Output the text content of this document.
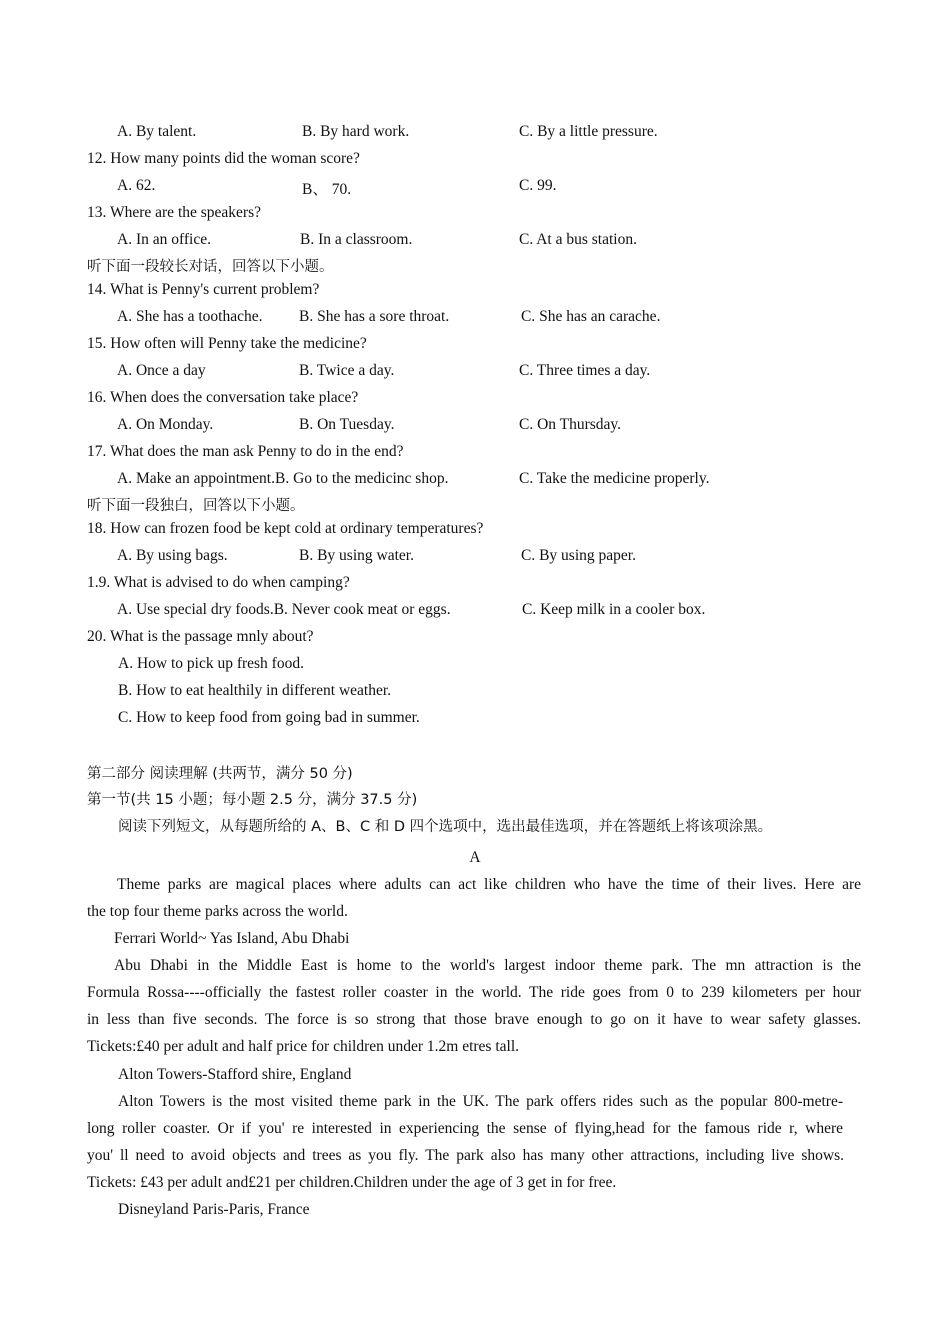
A. By talent.	B. By hard work.	C. By a little pressure.
12. How many points did the woman score?
A. 62.	B、 70.	C. 99.
13. Where are the speakers?
A. In an office.	B. In a classroom.	C. At a bus station.
听下面一段较长对话，回答以下小题。
14. What is Penny's current problem?
A. She has a toothache. B. She has a sore throat.	C. She has an carache.
15. How often will Penny take the medicine?
A. Once a day	B. Twice a day.	C. Three times a day.
16. When does the conversation take place?
A. On Monday.	B. On Tuesday.	C. On Thursday.
17. What does the man ask Penny to do in the end?
A. Make an appointment.B. Go to the medicinc shop.	C. Take the medicine properly.
听下面一段独白，回答以下小题。
18. How can frozen food be kept cold at ordinary temperatures?
A. By using bags.	B. By using water.	C. By using paper.
1.9. What is advised to do when camping?
A. Use special dry foods.B. Never cook meat or eggs.	C. Keep milk in a cooler box.
20. What is the passage mnly about?
A. How to pick up fresh food.
B. How to eat healthily in different weather.
C. How to keep food from going bad in summer.
第二部分 阅读理解 (共两节，满分 50 分)
第一节(共 15 小题；每小题 2.5 分，满分 37.5 分)
阅读下列短文，从每题所给的 A、B、C 和 D 四个选项中，选出最佳选项，并在答题纸上将该项涂黑。
A
Theme parks are magical places where adults can act like children who have the time of their lives. Here are
the top four theme parks across the world.
Ferrari World~ Yas Island, Abu Dhabi
Abu Dhabi in the Middle East is home to the world's largest indoor theme park. The mn attraction is the
Formula Rossa----officially the fastest roller coaster in the world. The ride goes from 0 to 239 kilometers per hour
in less than five seconds. The force is so strong that those brave enough to go on it have to wear safety glasses.
Tickets:£40 per adult and half price for children under 1.2m etres tall.
Alton Towers-Stafford shire, England
Alton Towers is the most visited theme park in the UK. The park offers rides such as the popular 800-metre-
long roller coaster. Or if you' re interested in experiencing the sense of flying,head for the famous ride r, where
you' ll need to avoid objects and trees as you fly. The park also has many other attractions, including live shows.
Tickets: £43 per adult and£21 per children.Children under the age of 3 get in for free.
Disneyland Paris-Paris, France
